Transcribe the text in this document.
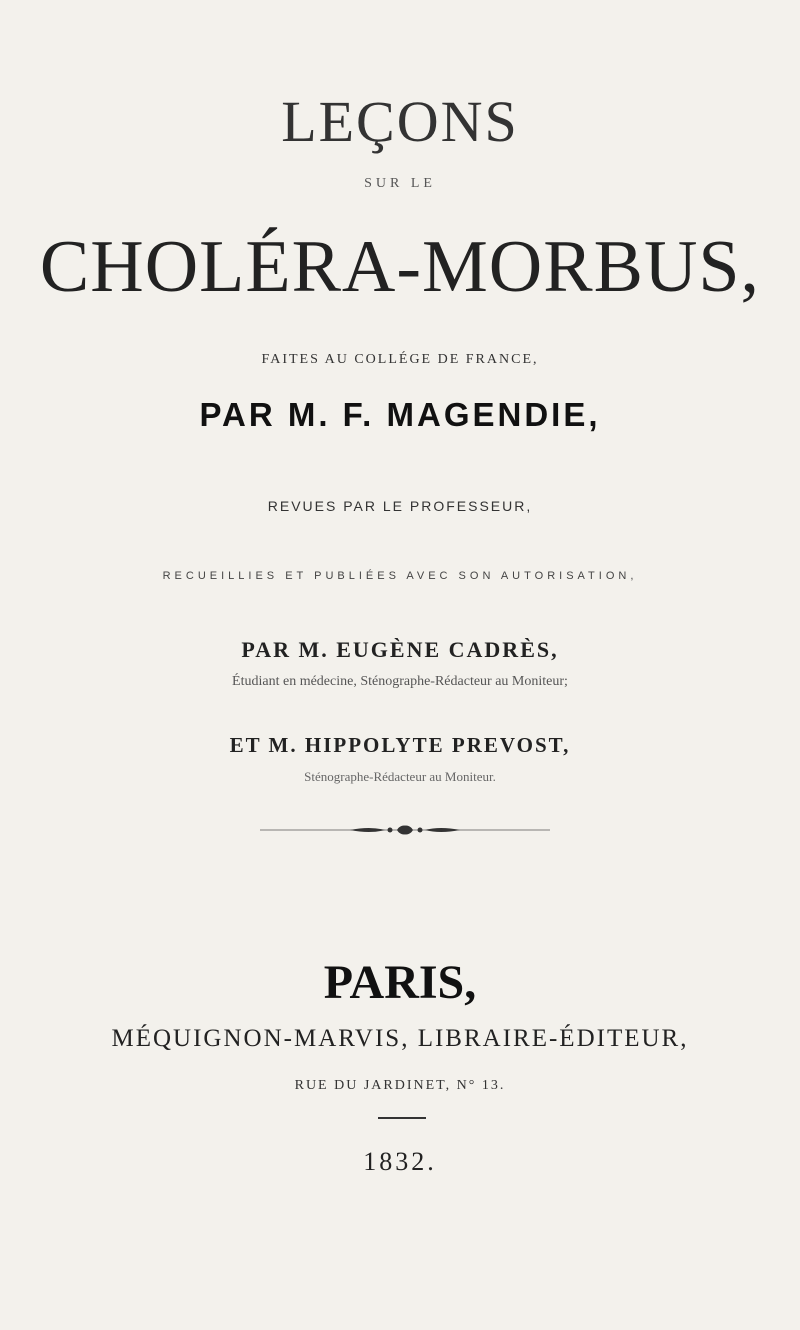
LEÇONS
SUR LE
CHOLÉRA-MORBUS,
FAITES AU COLLÉGE DE FRANCE,
PAR M. F. MAGENDIE,
REVUES PAR LE PROFESSEUR,
RECUEILLIES ET PUBLIÉES AVEC SON AUTORISATION,
PAR M. EUGÈNE CADRÈS,
Étudiant en médecine, Sténographe-Rédacteur au Moniteur;
ET M. HIPPOLYTE PREVOST,
Sténographe-Rédacteur au Moniteur.
PARIS,
MÉQUIGNON-MARVIS, LIBRAIRE-ÉDITEUR,
RUE DU JARDINET, N° 13.
1832.
